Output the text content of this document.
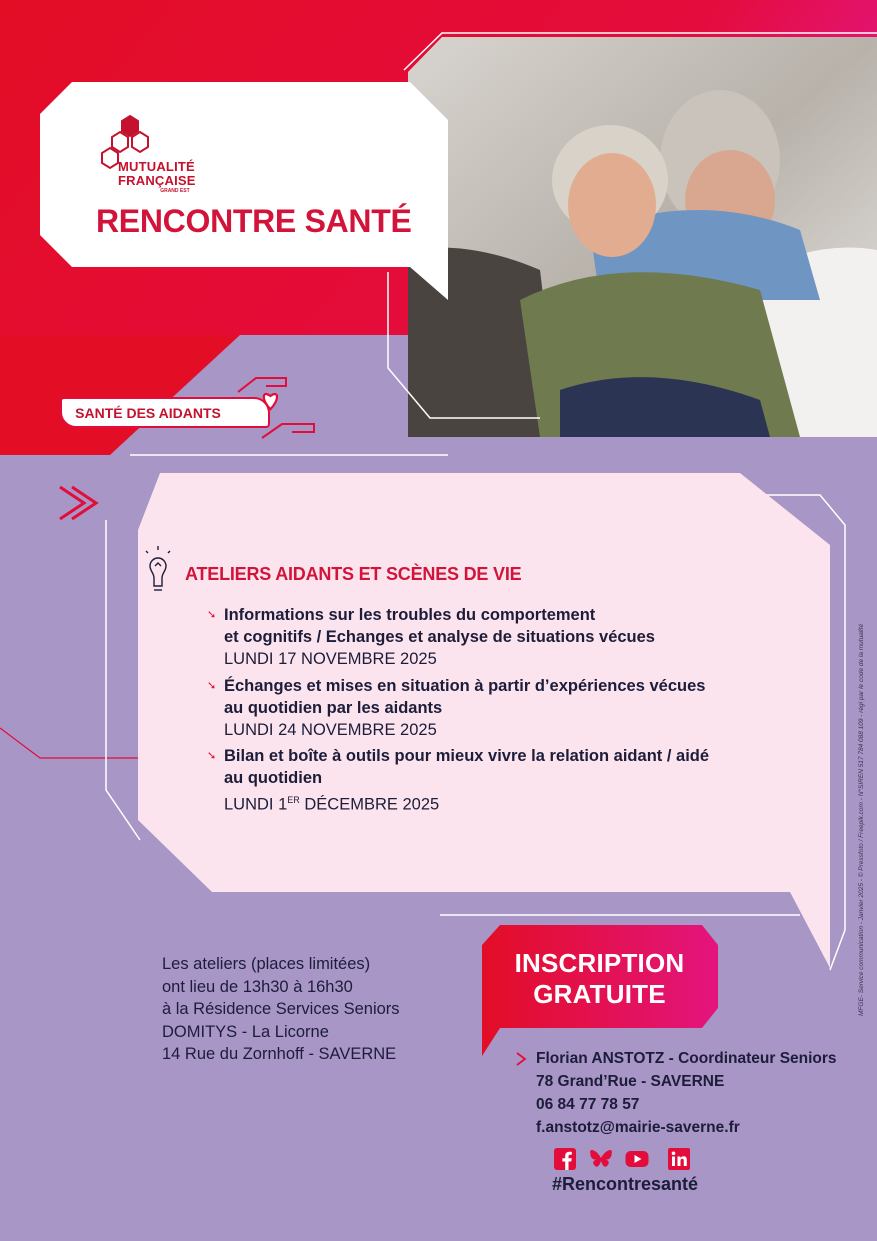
MUTUALITÉ
FRANÇAISE
GRAND EST
RENCONTRE SANTÉ
SANTÉ DES AIDANTS
ATELIERS AIDANTS ET SCÈNES DE VIE
➘ Informations sur les troubles du comportement
et cognitifs / Echanges et analyse de situations vécues
LUNDI 17 NOVEMBRE 2025
➘ Échanges et mises en situation à partir d’expériences vécues
au quotidien par les aidants
LUNDI 24 NOVEMBRE 2025
➘ Bilan et boîte à outils pour mieux vivre la relation aidant / aidé
au quotidien
LUNDI 1ER DÉCEMBRE 2025
Les ateliers (places limitées)
ont lieu de 13h30 à 16h30
à la Résidence Services Seniors
DOMITYS - La Licorne
14 Rue du Zornhoff - SAVERNE
INSCRIPTION
GRATUITE
Florian ANSTOTZ - Coordinateur Seniors
78 Grand’Rue - SAVERNE
06 84 77 78 57
f.anstotz@mairie-saverne.fr
#Rencontresanté
MFGE- Service communication - Janvier 2025 - © Pressfoto / Freepik.com - N°SIREN 517 784 088 109 - régi par le code de la mutualité
